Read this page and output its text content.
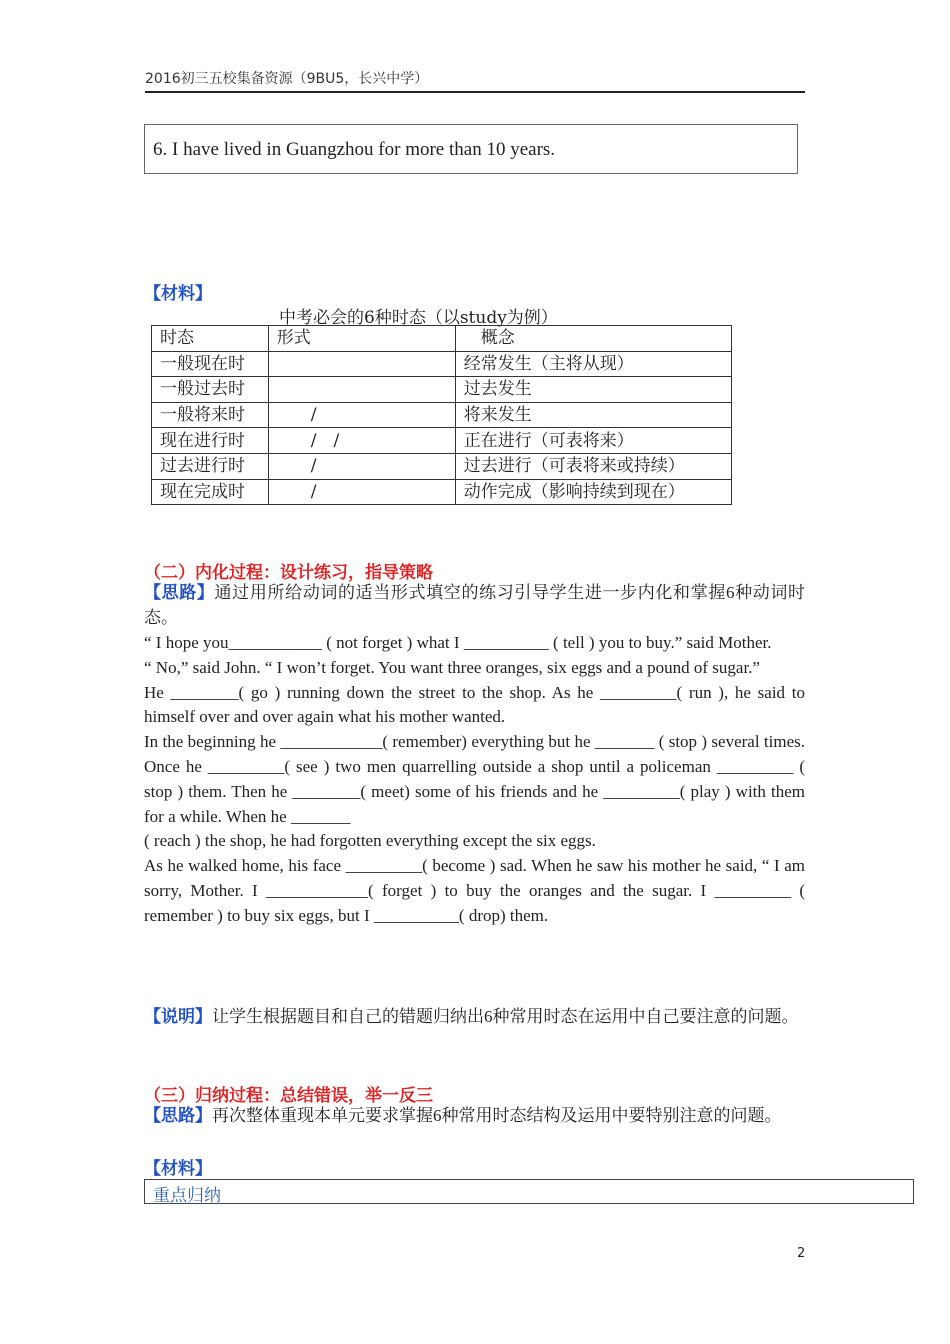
2016初三五校集备资源（9BU5，长兴中学）
6. I have lived in Guangzhou for more than 10 years.
【材料】
中考必会的6种时态（以study为例）
时态	形式	　概念
一般现在时		经常发生（主将从现）
一般过去时		过去发生
一般将来时	　　/	将来发生
现在进行时	　　/　/	正在进行（可表将来）
过去进行时	　　/	过去进行（可表将来或持续）
现在完成时	　　/	动作完成（影响持续到现在）
（二）内化过程：设计练习，指导策略
【思路】通过用所给动词的适当形式填空的练习引导学生进一步内化和掌握6种动词时态。
“ I hope you___________ ( not forget ) what I __________ ( tell ) you to buy.” said Mother.
“ No,” said John. “ I won’t forget. You want three oranges, six eggs and a pound of sugar.”
He ________( go ) running down the street to the shop. As he _________( run ), he said to himself over and over again what his mother wanted.
In the beginning he ____________( remember) everything but he _______ ( stop ) several times. Once he _________( see ) two men quarrelling outside a shop until a policeman _________ ( stop ) them. Then he ________( meet) some of his friends and he _________( play ) with them for a while. When he _______
( reach ) the shop, he had forgotten everything except the six eggs.
As he walked home, his face _________( become ) sad. When he saw his mother he said, “ I am sorry, Mother. I ____________( forget ) to buy the oranges and the sugar. I _________ ( remember ) to buy six eggs, but I __________( drop) them.
【说明】让学生根据题目和自己的错题归纳出6种常用时态在运用中自己要注意的问题。
（三）归纳过程：总结错误，举一反三
【思路】再次整体重现本单元要求掌握6种常用时态结构及运用中要特别注意的问题。
【材料】
重点归纳
2
